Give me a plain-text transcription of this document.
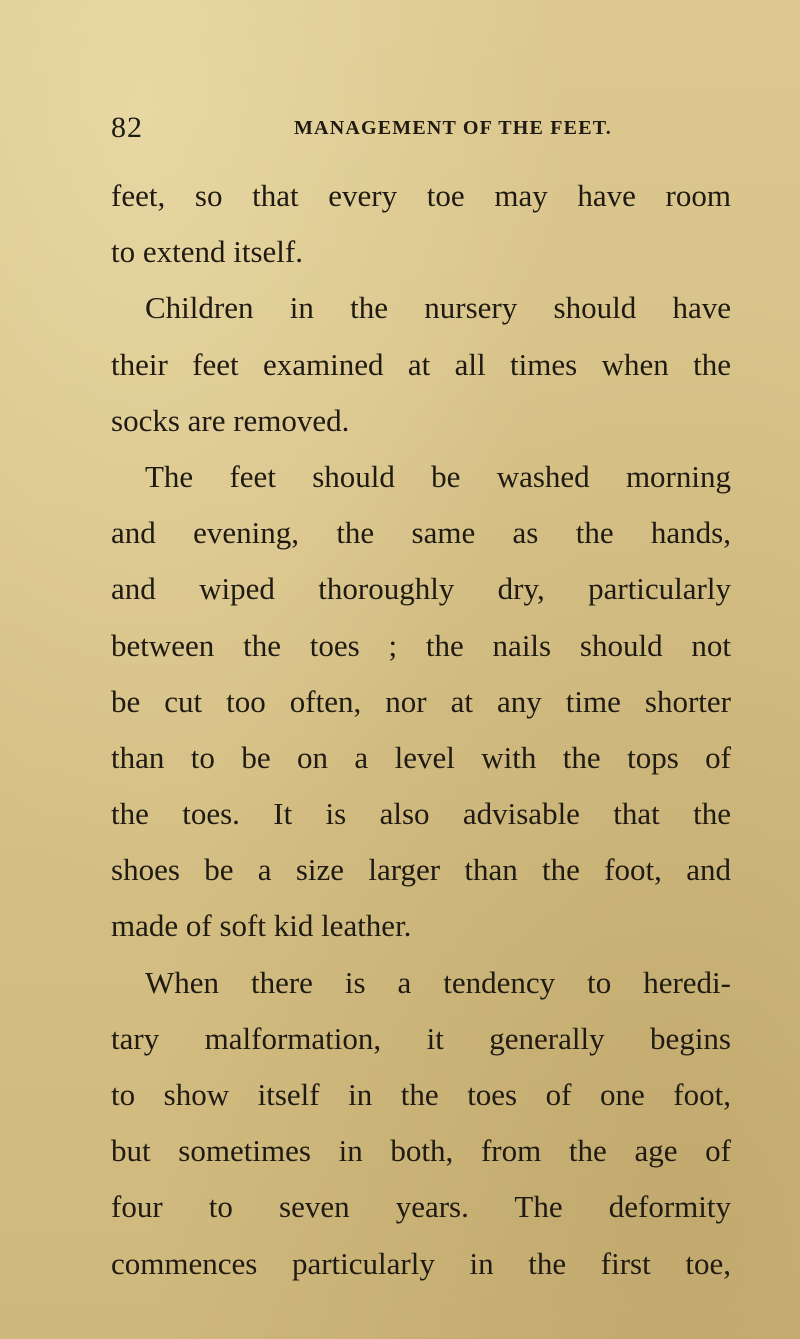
82	MANAGEMENT OF THE FEET.
feet, so that every toe may have room
to extend itself.
Children in the nursery should have
their feet examined at all times when the
socks are removed.
The feet should be washed morning
and evening, the same as the hands,
and wiped thoroughly dry, particularly
between the toes ; the nails should not
be cut too often, nor at any time shorter
than to be on a level with the tops of
the toes. It is also advisable that the
shoes be a size larger than the foot, and
made of soft kid leather.
When there is a tendency to heredi-
tary malformation, it generally begins
to show itself in the toes of one foot,
but sometimes in both, from the age of
four to seven years. The deformity
commences particularly in the first toe,
